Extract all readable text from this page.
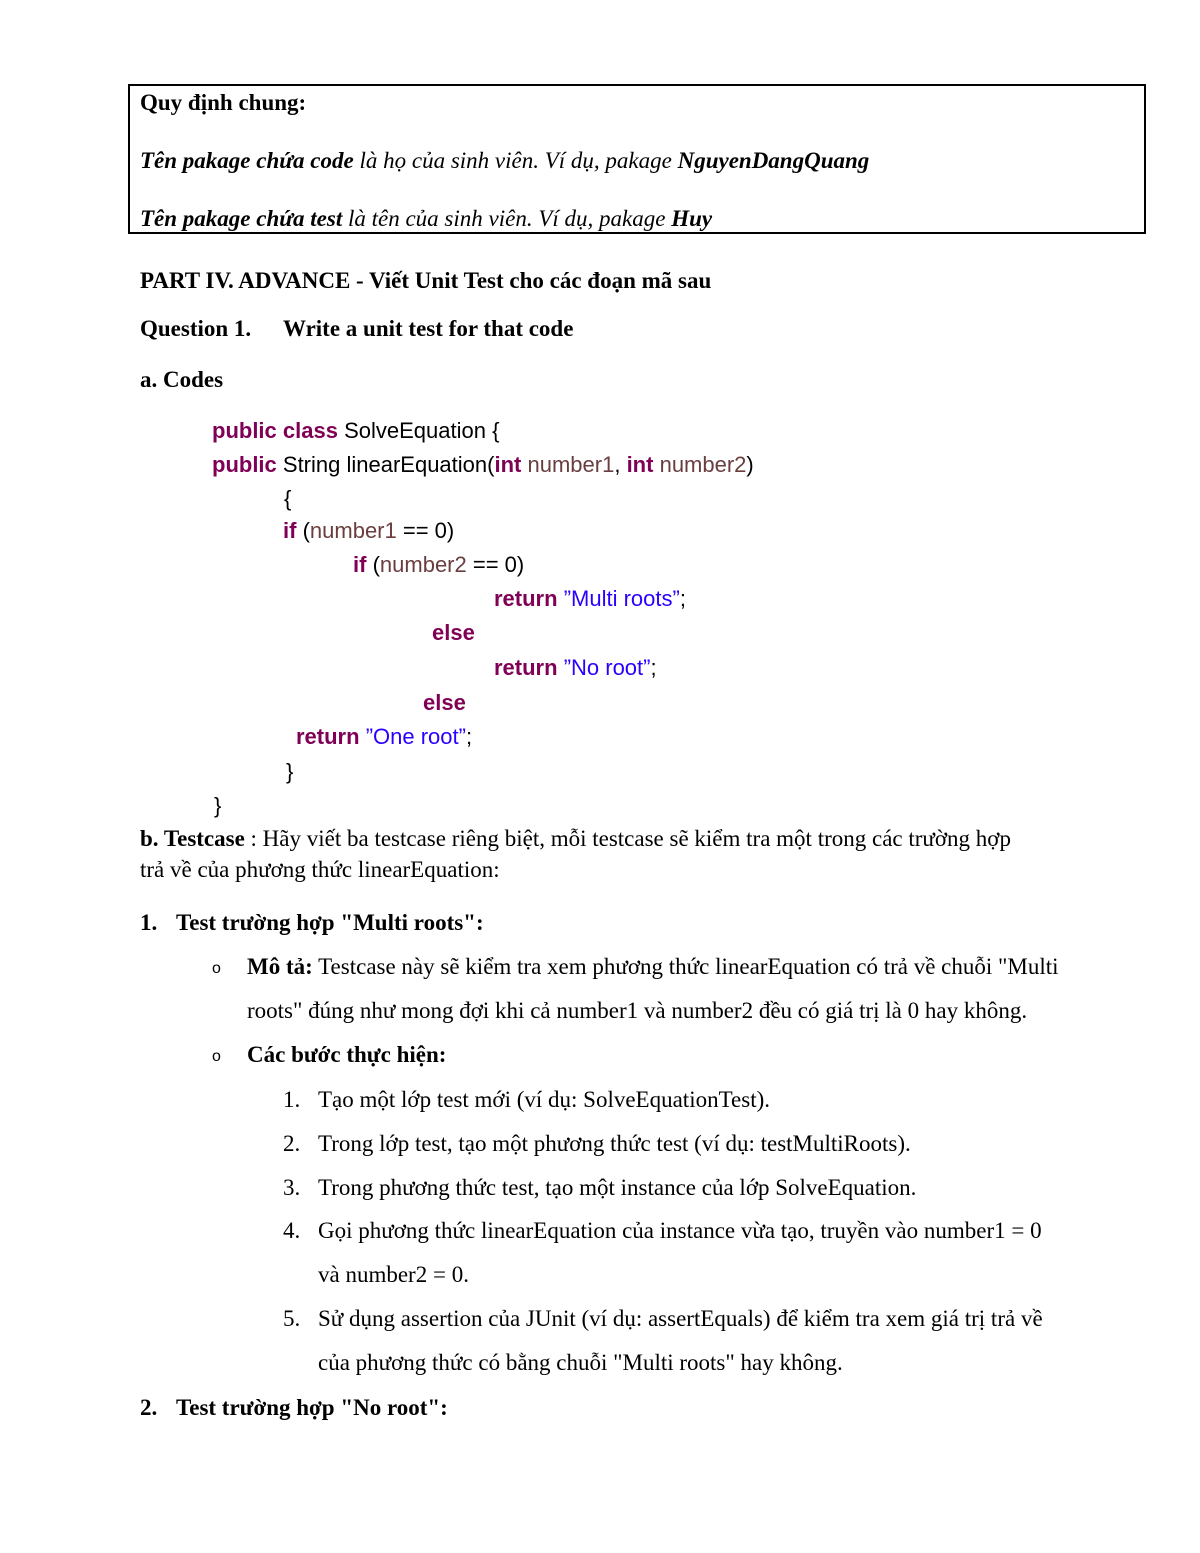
Quy định chung:
Tên pakage chứa code là họ của sinh viên. Ví dụ, pakage NguyenDangQuang
Tên pakage chứa test là tên của sinh viên. Ví dụ, pakage Huy
PART IV. ADVANCE - Viết Unit Test cho các đoạn mã sau
Question 1. Write a unit test for that code
a. Codes
public class SolveEquation {
public String linearEquation(int number1, int number2)
{
if (number1 == 0)
if (number2 == 0)
return ”Multi roots”;
else
return ”No root”;
else
return ”One root”;
}
}
b. Testcase : Hãy viết ba testcase riêng biệt, mỗi testcase sẽ kiểm tra một trong các trường hợp
trả về của phương thức linearEquation:
1. Test trường hợp "Multi roots":
o Mô tả: Testcase này sẽ kiểm tra xem phương thức linearEquation có trả về chuỗi "Multi
roots" đúng như mong đợi khi cả number1 và number2 đều có giá trị là 0 hay không.
o Các bước thực hiện:
1. Tạo một lớp test mới (ví dụ: SolveEquationTest).
2. Trong lớp test, tạo một phương thức test (ví dụ: testMultiRoots).
3. Trong phương thức test, tạo một instance của lớp SolveEquation.
4. Gọi phương thức linearEquation của instance vừa tạo, truyền vào number1 = 0
và number2 = 0.
5. Sử dụng assertion của JUnit (ví dụ: assertEquals) để kiểm tra xem giá trị trả về
của phương thức có bằng chuỗi "Multi roots" hay không.
2. Test trường hợp "No root":
